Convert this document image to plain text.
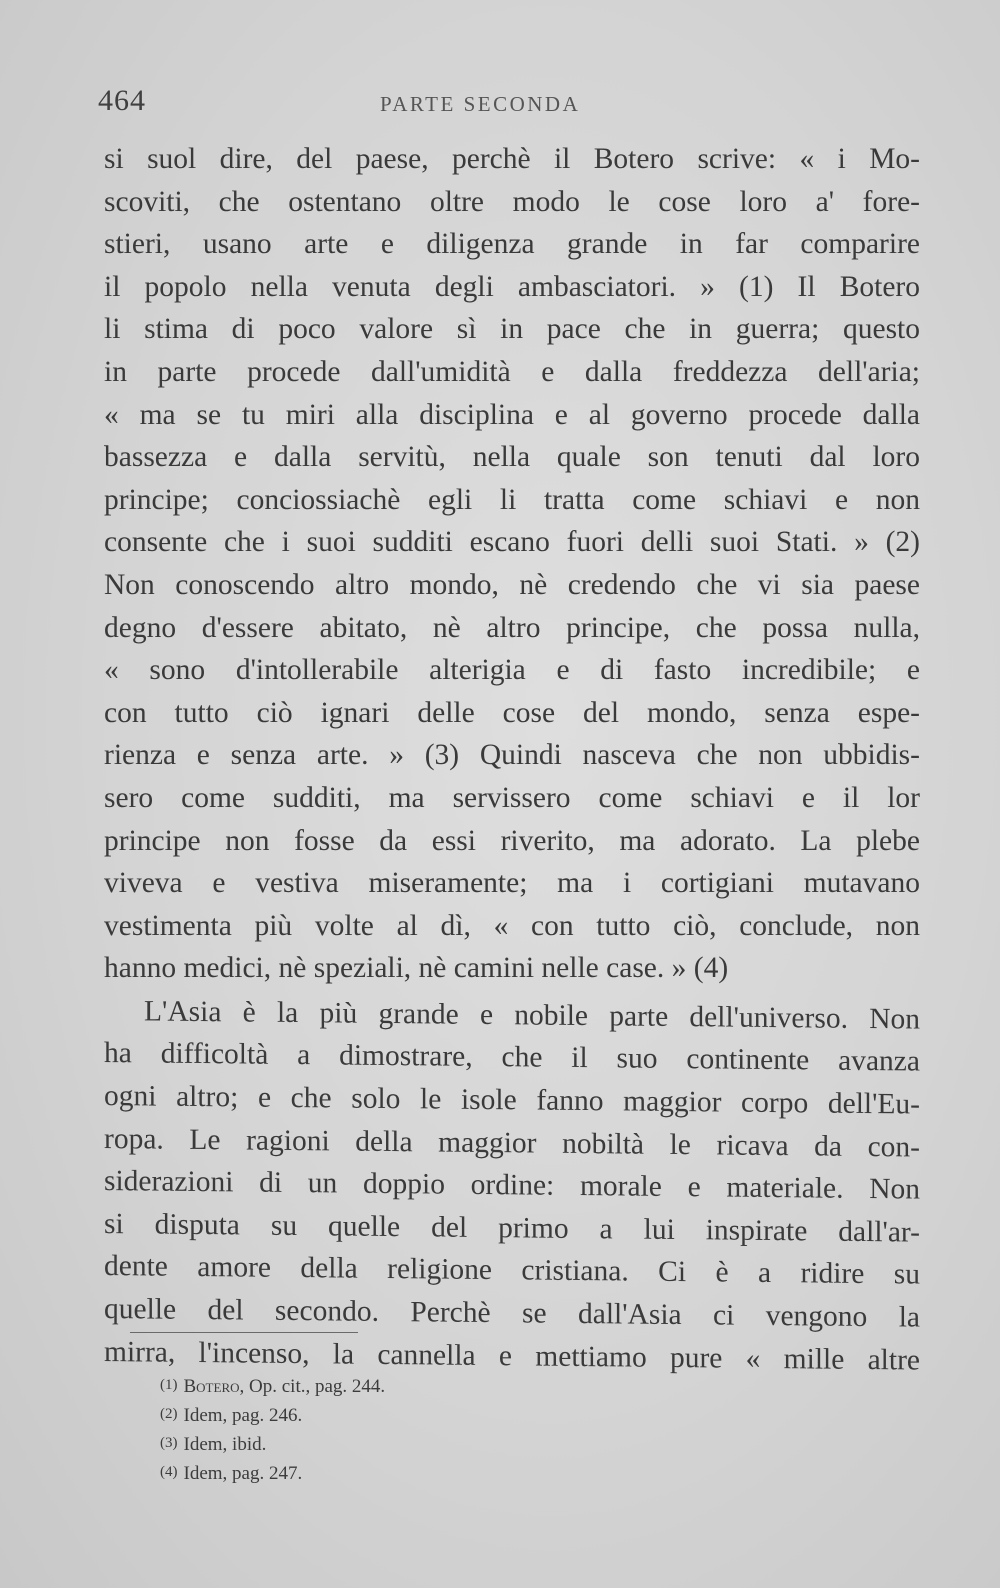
464	PARTE SECONDA
si suol dire, del paese, perchè il Botero scrive: « i Mo-
scoviti, che ostentano oltre modo le cose loro a' fore-
stieri, usano arte e diligenza grande in far comparire
il popolo nella venuta degli ambasciatori. » (1) Il Botero
li stima di poco valore sì in pace che in guerra; questo
in parte procede dall'umidità e dalla freddezza dell'aria;
« ma se tu miri alla disciplina e al governo procede dalla
bassezza e dalla servitù, nella quale son tenuti dal loro
principe; conciossiachè egli li tratta come schiavi e non
consente che i suoi sudditi escano fuori delli suoi Stati. » (2)
Non conoscendo altro mondo, nè credendo che vi sia paese
degno d'essere abitato, nè altro principe, che possa nulla,
« sono d'intollerabile alterigia e di fasto incredibile; e
con tutto ciò ignari delle cose del mondo, senza espe-
rienza e senza arte. » (3) Quindi nasceva che non ubbidis-
sero come sudditi, ma servissero come schiavi e il lor
principe non fosse da essi riverito, ma adorato. La plebe
viveva e vestiva miseramente; ma i cortigiani mutavano
vestimenta più volte al dì, « con tutto ciò, conclude, non
hanno medici, nè speziali, nè camini nelle case. » (4)
L'Asia è la più grande e nobile parte dell'universo. Non
ha difficoltà a dimostrare, che il suo continente avanza
ogni altro; e che solo le isole fanno maggior corpo dell'Eu-
ropa. Le ragioni della maggior nobiltà le ricava da con-
siderazioni di un doppio ordine: morale e materiale. Non
si disputa su quelle del primo a lui inspirate dall'ar-
dente amore della religione cristiana. Ci è a ridire su
quelle del secondo. Perchè se dall'Asia ci vengono la
mirra, l'incenso, la cannella e mettiamo pure « mille altre
(1) Botero, Op. cit., pag. 244.
(2) Idem, pag. 246.
(3) Idem, ibid.
(4) Idem, pag. 247.
